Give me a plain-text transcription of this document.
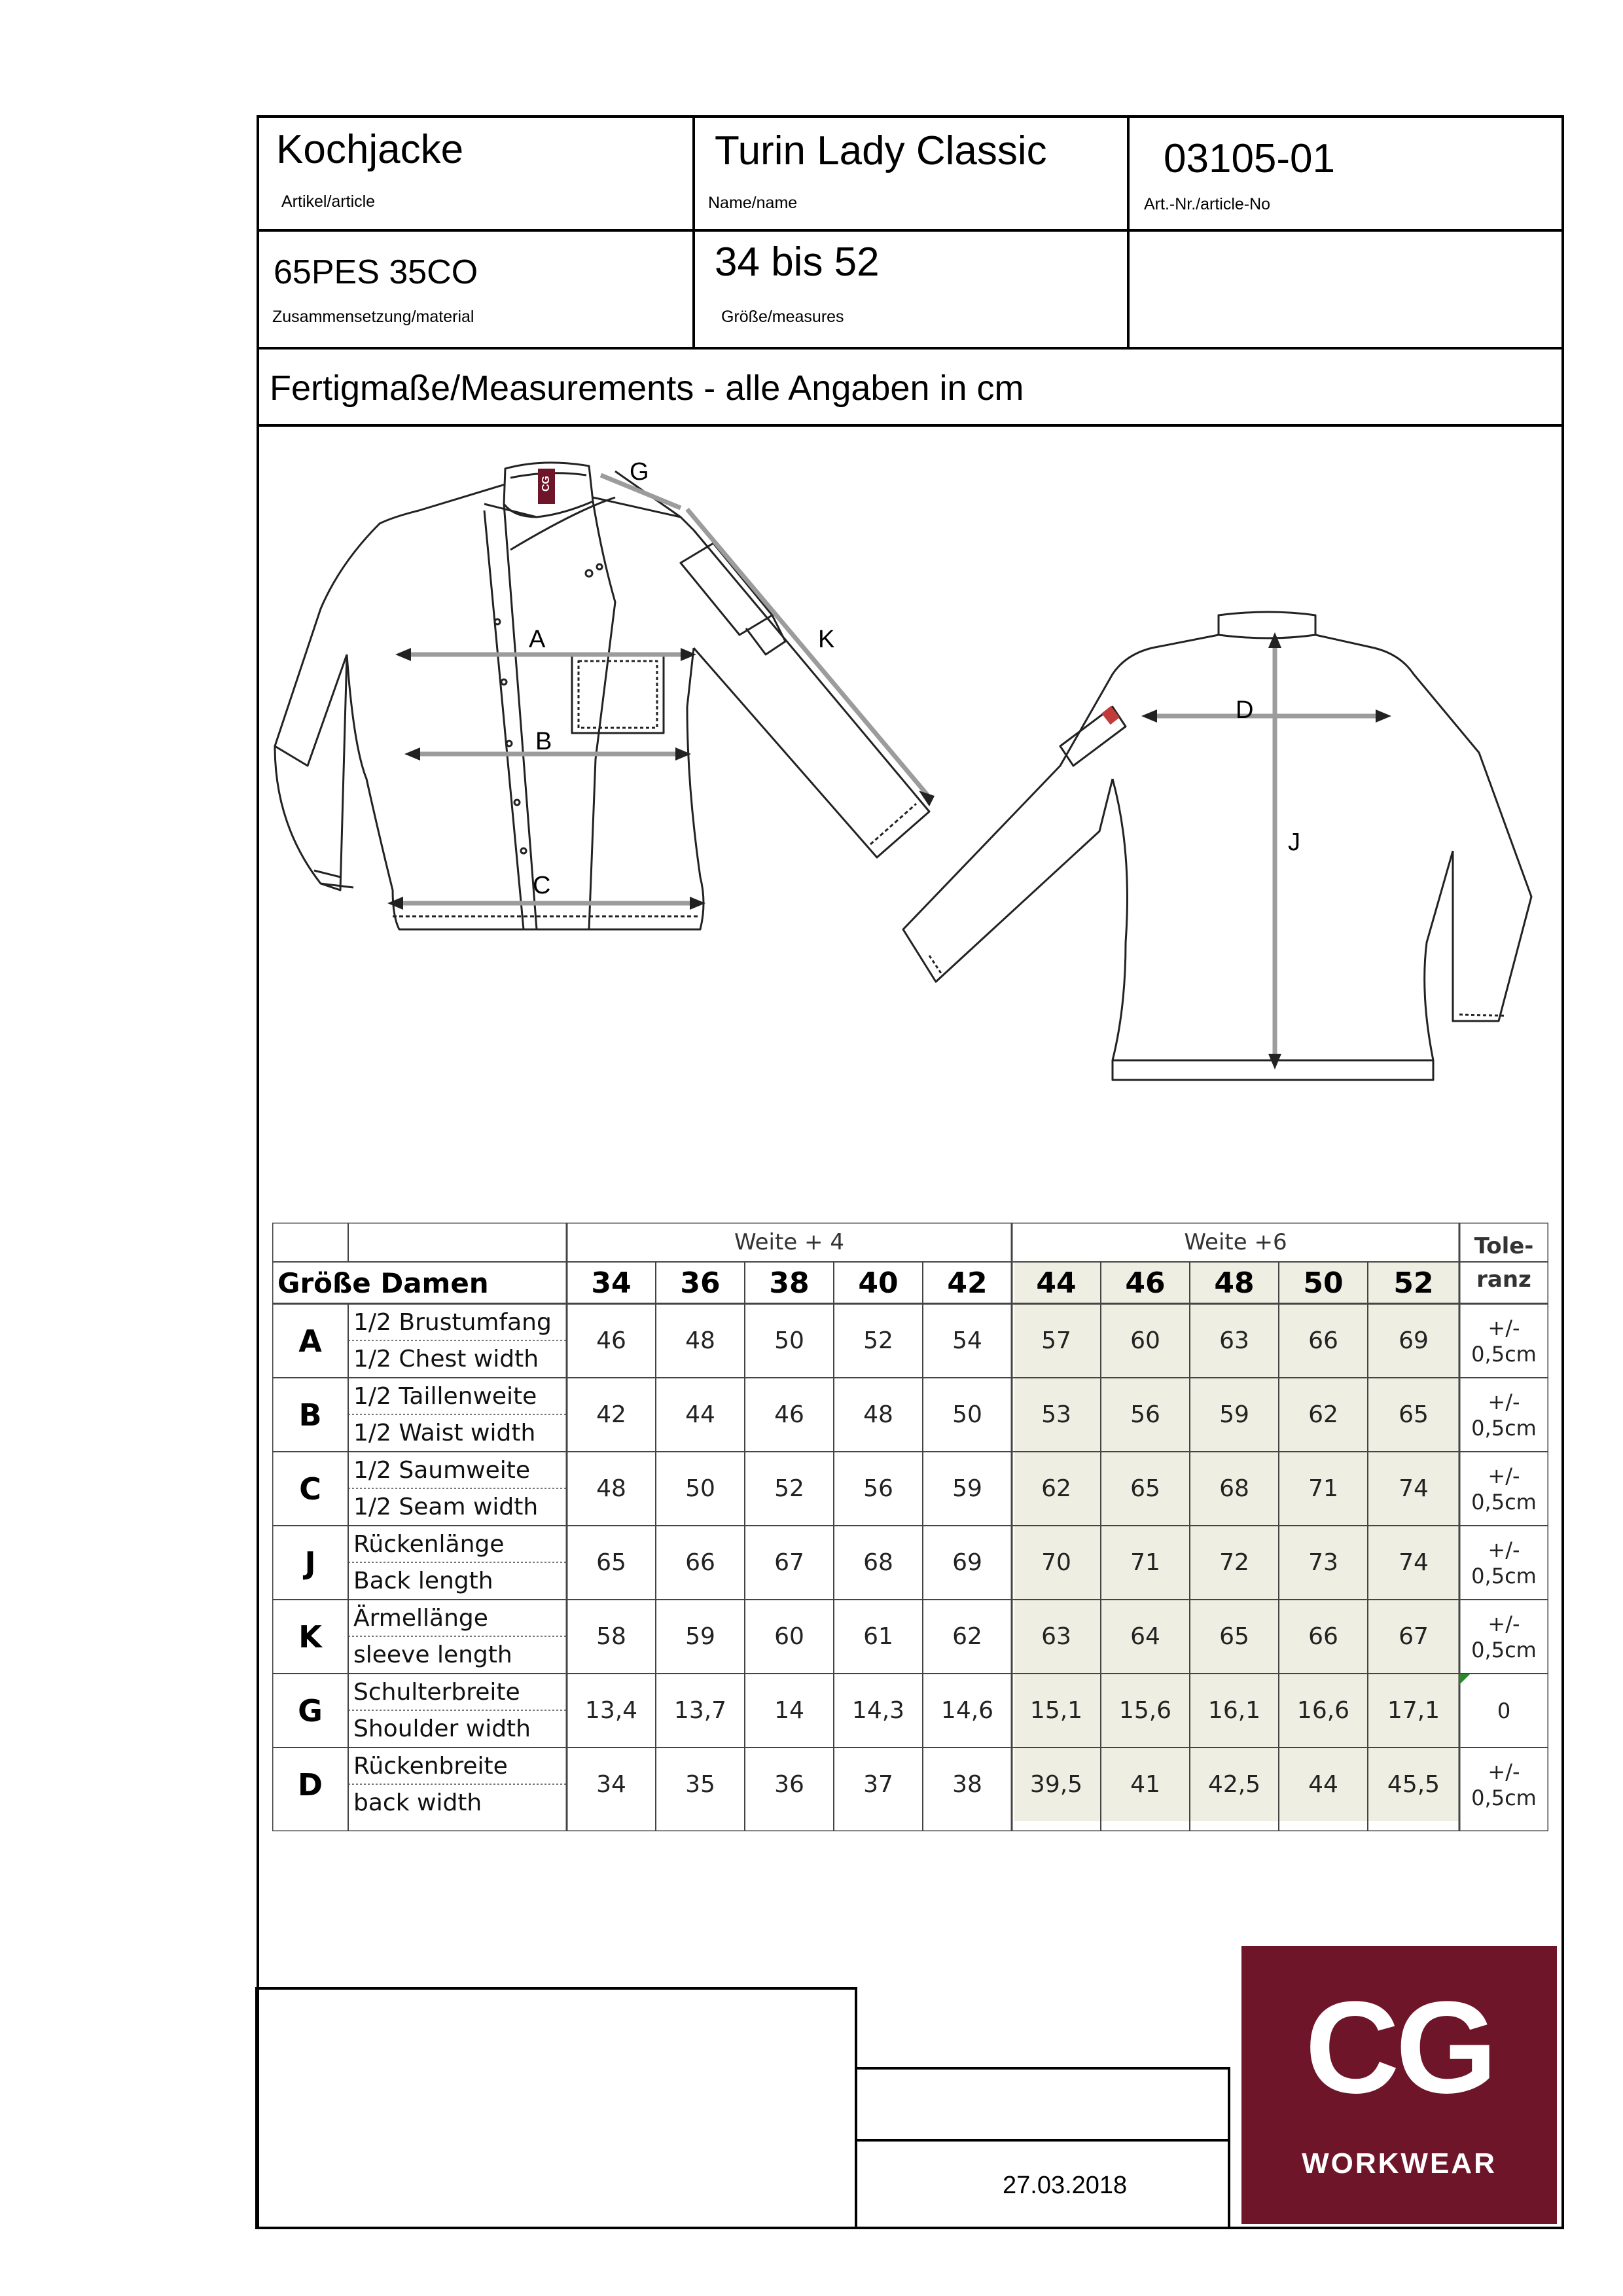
Kochjacke
Artikel/article
Turin Lady Classic
Name/name
03105-01
Art.-Nr./article-No
65PES 35CO
Zusammensetzung/material
34 bis 52
Größe/measures
Fertigmaße/Measurements - alle Angaben in cm
A
B
C
G
K
D
J
CG
Weite + 4	Weite +6	Tole-
ranz
Größe Damen	34	36	38	40	42	44	46	48	50	52
A
1/2 Brustumfang
1/2 Chest width
46	48	50	52	54	57	60	63	66	69	+/-
0,5cm
B
1/2 Taillenweite
1/2 Waist width
42	44	46	48	50	53	56	59	62	65	+/-
0,5cm
C
1/2 Saumweite
1/2 Seam width
48	50	52	56	59	62	65	68	71	74	+/-
0,5cm
J
Rückenlänge
Back length
65	66	67	68	69	70	71	72	73	74	+/-
0,5cm
K
Ärmellänge
sleeve length
58	59	60	61	62	63	64	65	66	67	+/-
0,5cm
G
Schulterbreite
Shoulder width
13,4	13,7	14	14,3	14,6	15,1	15,6	16,1	16,6	17,1	0
D
Rückenbreite
back width
34	35	36	37	38	39,5	41	42,5	44	45,5	+/-
0,5cm
27.03.2018
CG
WORKWEAR
